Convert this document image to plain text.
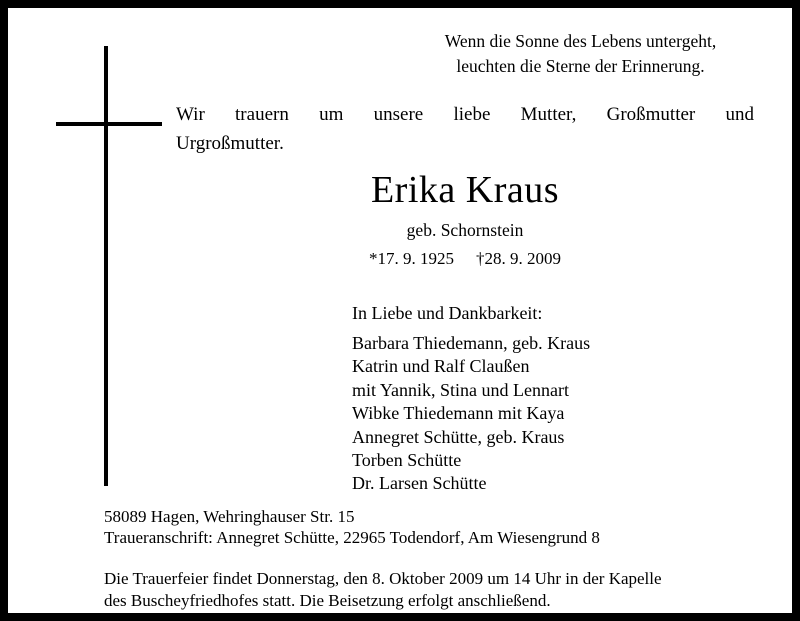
Wenn die Sonne des Lebens untergeht,
leuchten die Sterne der Erinnerung.
Wir trauern um unsere liebe Mutter, Großmutter und
Urgroßmutter.
Erika Kraus
geb. Schornstein
*17. 9. 1925 †28. 9. 2009
In Liebe und Dankbarkeit:
Barbara Thiedemann, geb. Kraus
Katrin und Ralf Claußen
mit Yannik, Stina und Lennart
Wibke Thiedemann mit Kaya
Annegret Schütte, geb. Kraus
Torben Schütte
Dr. Larsen Schütte
58089 Hagen, Wehringhauser Str. 15
Traueranschrift: Annegret Schütte, 22965 Todendorf, Am Wiesengrund 8
Die Trauerfeier findet Donnerstag, den 8. Oktober 2009 um 14 Uhr in der Kapelle
des Buscheyfriedhofes statt. Die Beisetzung erfolgt anschließend.
